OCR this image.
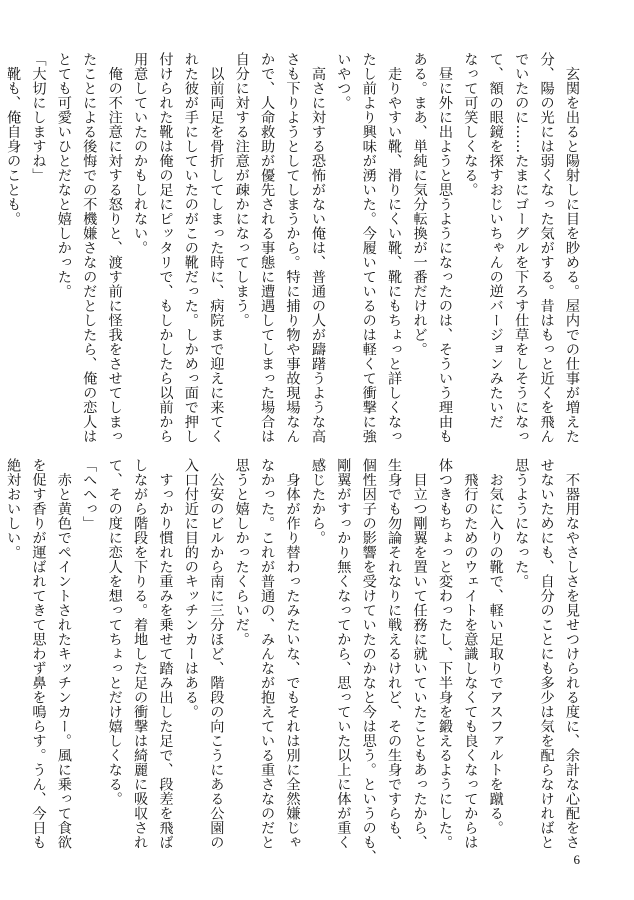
　玄関を出ると陽射しに目を眇める。屋内での仕事が増えた
分、陽の光には弱くなった気がする。昔はもっと近くを飛ん
でいたのに……たまにゴーグルを下ろす仕草をしそうになっ
て、額の眼鏡を探すおじいちゃんの逆バージョンみたいだ
なって可笑しくなる。
　昼に外に出ようと思うようになったのは、そういう理由も
ある。まあ、単純に気分転換が一番だけれど。
　走りやすい靴、滑りにくい靴、靴にもちょっと詳しくなっ
たし前より興味が湧いた。今履いているのは軽くて衝撃に強
いやつ。
　高さに対する恐怖がない俺は、普通の人が躊躇うような高
さも下りようとしてしまうから。特に捕り物や事故現場なん
かで、人命救助が優先される事態に遭遇してしまった場合は
自分に対する注意が疎かになってしまう。
　以前両足を骨折してしまった時に、病院まで迎えに来てく
れた彼が手にしていたのがこの靴だった。しかめっ面で押し
付けられた靴は俺の足にピッタリで、もしかしたら以前から
用意していたのかもしれない。
　俺の不注意に対する怒りと、渡す前に怪我をさせてしまっ
たことによる後悔での不機嫌さなのだとしたら、俺の恋人は
とても可愛いひとだなと嬉しかった。
「大切にしますね」
　靴も、俺自身のことも。
　不器用なやさしさを見せつけられる度に、余計な心配をさ
せないためにも、自分のことにも多少は気を配らなければと
思うようになった。
　お気に入りの靴で、軽い足取りでアスファルトを蹴る。
　飛行のためのウェイトを意識しなくても良くなってからは
体つきもちょっと変わったし、下半身を鍛えるようにした。
　目立つ剛翼を置いて任務に就いていたこともあったから、
生身でも勿論それなりに戦えるけれど、その生身ですらも、
個性因子の影響を受けていたのかなと今は思う。というのも、
剛翼がすっかり無くなってから、思っていた以上に体が重く
感じたから。
　身体が作り替わったみたいな、でもそれは別に全然嫌じゃ
なかった。これが普通の、みんなが抱えている重さなのだと
思うと嬉しかったくらいだ。
　公安のビルから南に三分ほど、階段の向こうにある公園の
入口付近に目的のキッチンカーはある。
　すっかり慣れた重みを乗せて踏み出した足で、段差を飛ば
しながら階段を下りる。着地した足の衝撃は綺麗に吸収され
て、その度に恋人を想ってちょっとだけ嬉しくなる。
「へへっ」
　赤と黄色でペイントされたキッチンカー。風に乗って食欲
を促す香りが運ばれてきて思わず鼻を鳴らす。うん、今日も
絶対おいしい。
6
